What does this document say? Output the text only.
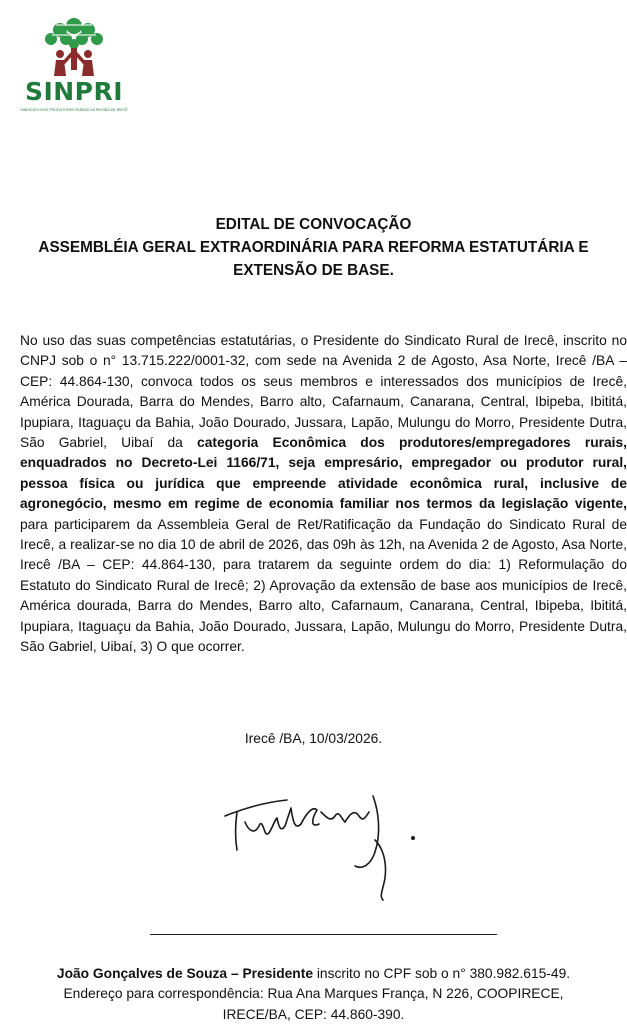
SINPRI
SINDICATO DOS PRODUTORES RURAIS DA REGIÃO DE IRECÊ
EDITAL DE CONVOCAÇÃO
ASSEMBLÉIA GERAL EXTRAORDINÁRIA PARA REFORMA ESTATUTÁRIA E
EXTENSÃO DE BASE.
No uso das suas competências estatutárias, o Presidente do Sindicato Rural de Irecê, inscrito no CNPJ sob o n° 13.715.222/0001-32, com sede na Avenida 2 de Agosto, Asa Norte, Irecê /BA – CEP: 44.864-130, convoca todos os seus membros e interessados dos municípios de Irecê, América Dourada, Barra do Mendes, Barro alto, Cafarnaum, Canarana, Central, Ibipeba, Ibititá, Ipupiara, Itaguaçu da Bahia, João Dourado, Jussara, Lapão, Mulungu do Morro, Presidente Dutra, São Gabriel, Uibaí da categoria Econômica dos produtores/empregadores rurais, enquadrados no Decreto-Lei 1166/71, seja empresário, empregador ou produtor rural, pessoa física ou jurídica que empreende atividade econômica rural, inclusive de agronegócio, mesmo em regime de economia familiar nos termos da legislação vigente, para participarem da Assembleia Geral de Ret/Ratificação da Fundação do Sindicato Rural de Irecê, a realizar-se no dia 10 de abril de 2026, das 09h às 12h, na Avenida 2 de Agosto, Asa Norte, Irecê /BA – CEP: 44.864-130, para tratarem da seguinte ordem do dia: 1) Reformulação do Estatuto do Sindicato Rural de Irecê; 2) Aprovação da extensão de base aos municípios de Irecê, América dourada, Barra do Mendes, Barro alto, Cafarnaum, Canarana, Central, Ibipeba, Ibititá, Ipupiara, Itaguaçu da Bahia, João Dourado, Jussara, Lapão, Mulungu do Morro, Presidente Dutra, São Gabriel, Uibaí, 3) O que ocorrer.
Irecê /BA, 10/03/2026.
João Gonçalves de Souza – Presidente inscrito no CPF sob o n° 380.982.615-49.
Endereço para correspondência: Rua Ana Marques França, N 226, COOPIRECE,
IRECE/BA, CEP: 44.860-390.
